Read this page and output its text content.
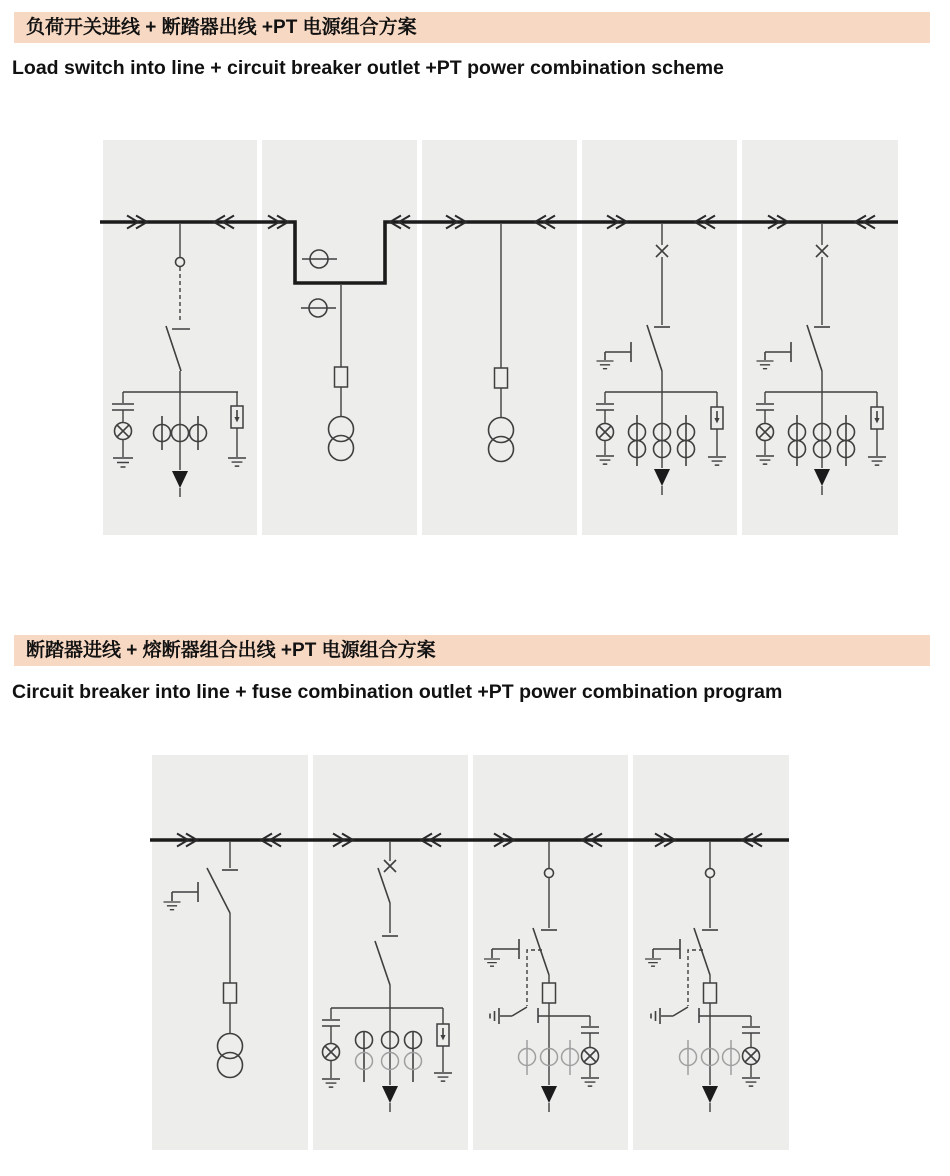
负荷开关进线 + 断踏器出线 +PT 电源组合方案
Load switch into line + circuit breaker outlet +PT power combination scheme
断踏器进线 + 熔断器组合出线 +PT 电源组合方案
Circuit breaker into line + fuse combination outlet +PT power combination program
